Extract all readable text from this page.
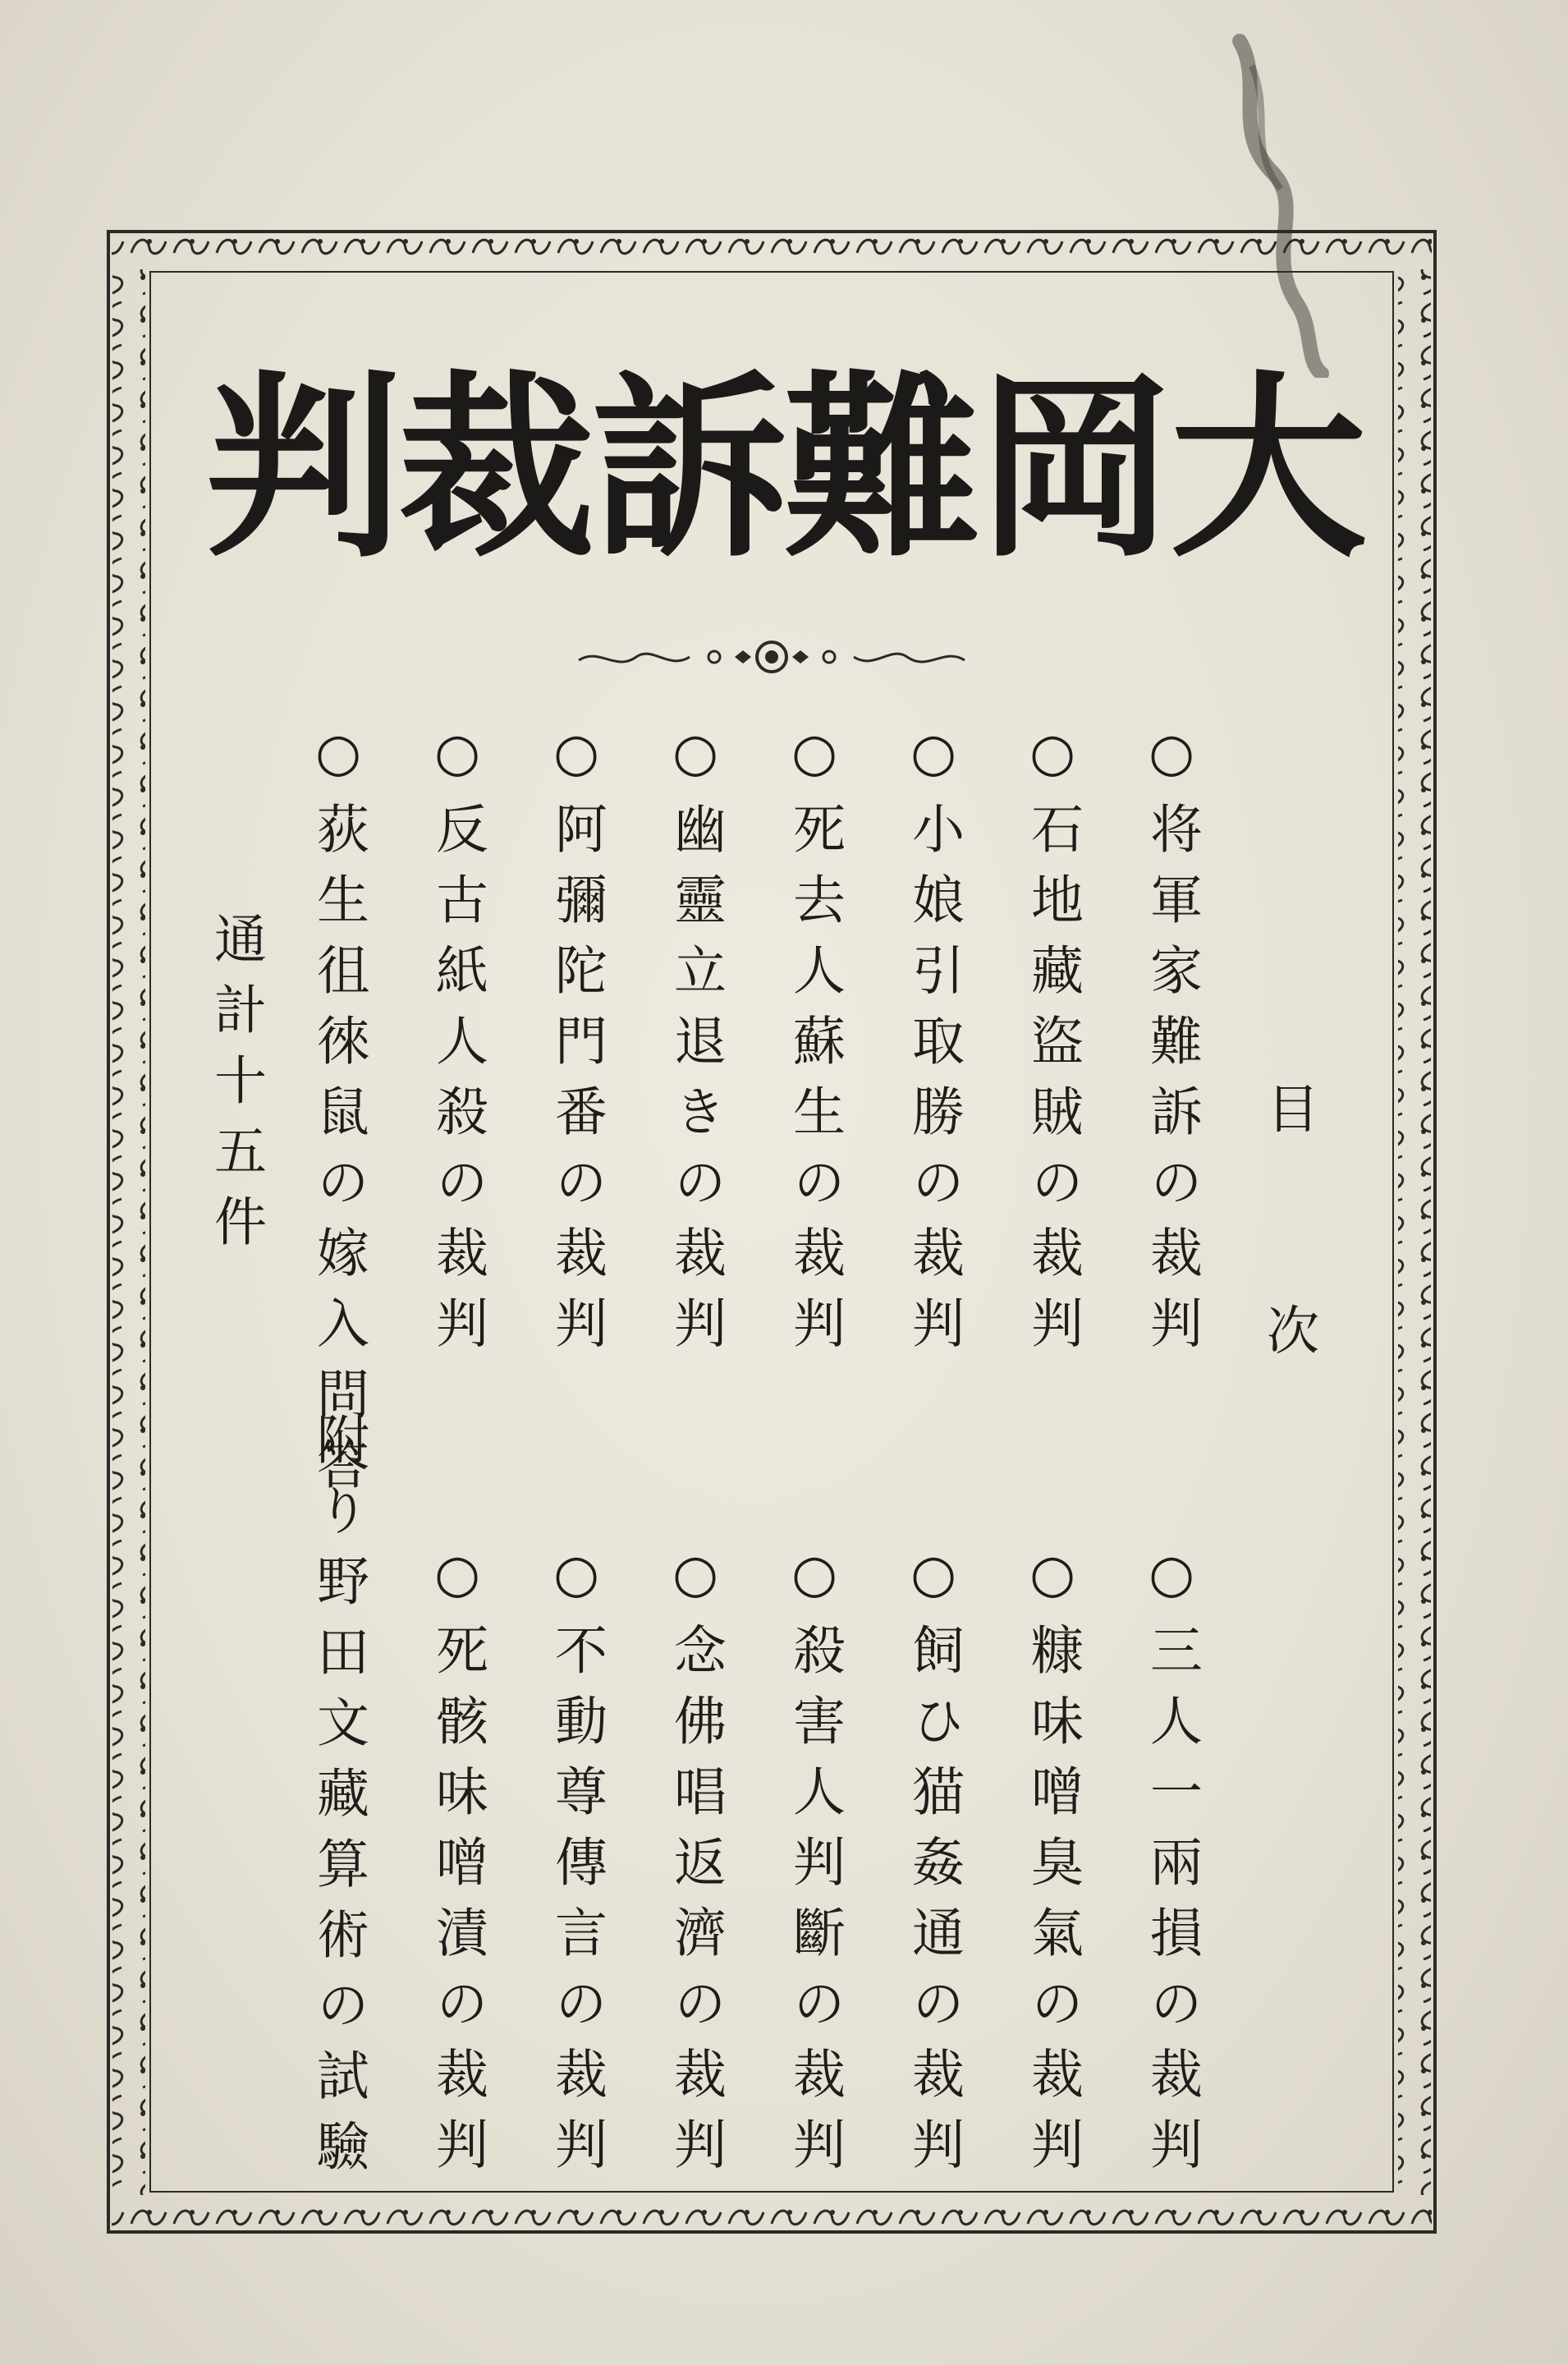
大
岡
難
訴
裁
判
目
次
○将軍家難訴の裁判
○石地藏盜賊の裁判
○小娘引取勝の裁判
○死去人蘇生の裁判
○幽靈立退きの裁判
○阿彌陀門番の裁判
○反古紙人殺の裁判
○荻生徂徠鼠の嫁入問答
○三人一兩損の裁判
○糠味噌臭氣の裁判
○飼ひ猫姦通の裁判
○殺害人判斷の裁判
○念佛唱返濟の裁判
○不動尊傳言の裁判
○死骸味噌漬の裁判
附り野田文藏算術の試驗
通計十五件
